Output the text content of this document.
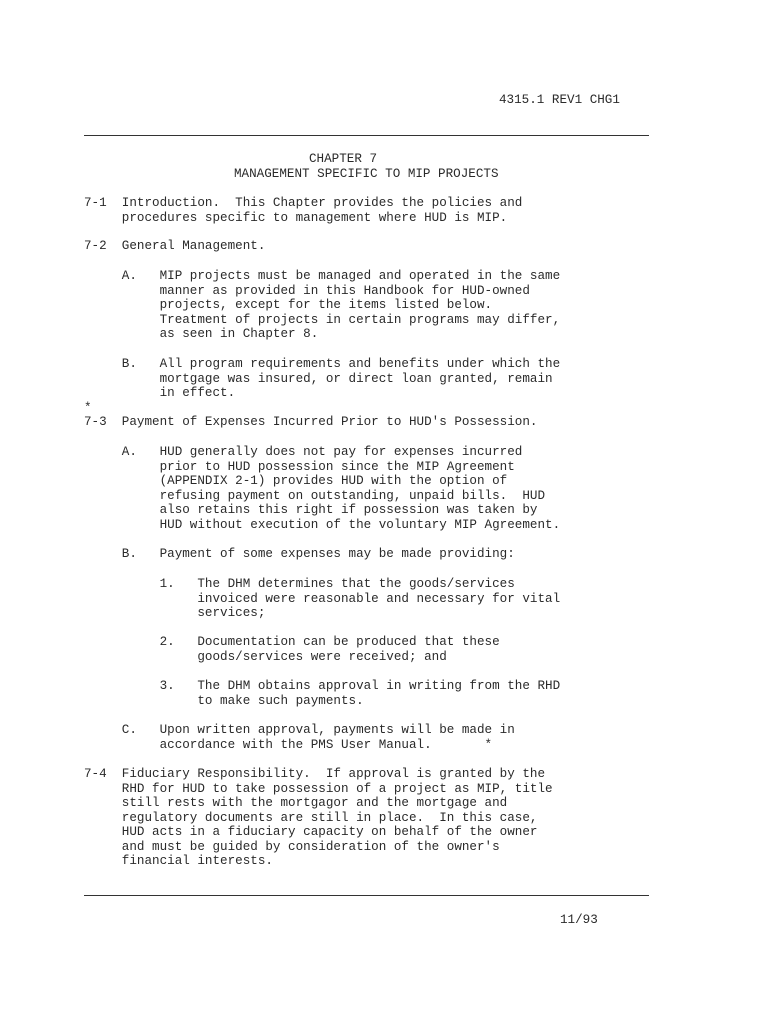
4315.1 REV1 CHG1
CHAPTER 7
MANAGEMENT SPECIFIC TO MIP PROJECTS
7-1  Introduction.  This Chapter provides the policies and
procedures specific to management where HUD is MIP.
7-2  General Management.
A.   MIP projects must be managed and operated in the same
manner as provided in this Handbook for HUD-owned
projects, except for the items listed below.
Treatment of projects in certain programs may differ,
as seen in Chapter 8.
B.   All program requirements and benefits under which the
mortgage was insured, or direct loan granted, remain
in effect.
*
7-3  Payment of Expenses Incurred Prior to HUD's Possession.
A.   HUD generally does not pay for expenses incurred
prior to HUD possession since the MIP Agreement
(APPENDIX 2-1) provides HUD with the option of
refusing payment on outstanding, unpaid bills.  HUD
also retains this right if possession was taken by
HUD without execution of the voluntary MIP Agreement.
B.   Payment of some expenses may be made providing:
1.   The DHM determines that the goods/services
invoiced were reasonable and necessary for vital
services;
2.   Documentation can be produced that these
goods/services were received; and
3.   The DHM obtains approval in writing from the RHD
to make such payments.
C.   Upon written approval, payments will be made in
accordance with the PMS User Manual.       *
7-4  Fiduciary Responsibility.  If approval is granted by the
RHD for HUD to take possession of a project as MIP, title
still rests with the mortgagor and the mortgage and
regulatory documents are still in place.  In this case,
HUD acts in a fiduciary capacity on behalf of the owner
and must be guided by consideration of the owner's
financial interests.
11/93
